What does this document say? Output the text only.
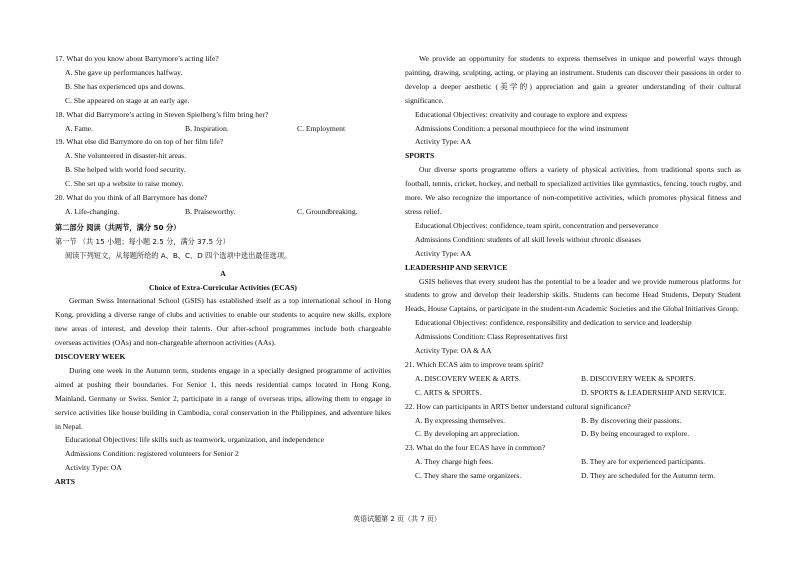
17. What do you know about Barrymore’s acting life?
A. She gave up performances halfway.
B. She has experienced ups and downs.
C. She appeared on stage at an early age.
18. What did Barrymore’s acting in Steven Spielberg’s film bring her?
A. Fame.	B. Inspiration.	C. Employment
19. What else did Barrymore do on top of her film life?
A. She volunteered in disaster-hit areas.
B. She helped with world food security.
C. She set up a website to raise money.
20. What do you think of all Barrymore has done?
A. Life-changing.	B. Praiseworthy.	C. Groundbreaking.
第二部分 阅读（共两节，满分 50 分）
第一节 （共 15 小题；每小题 2.5 分，满分 37.5 分）
阅读下列短文，从每题所给的 A、B、C、D 四个选项中选出最佳选项。
A
Choice of Extra-Curricular Activities (ECAS)
German Swiss International School (GSIS) has established itself as a top international school in Hong Kong, providing a diverse range of clubs and activities to enable our students to acquire new skills, explore new areas of interest, and develop their talents. Our after-school programmes include both chargeable overseas activities (OAs) and non-chargeable afternoon activities (AAs).
DISCOVERY WEEK
During one week in the Autumn term, students engage in a specially designed programme of activities aimed at pushing their boundaries. For Senior 1, this needs residential camps located in Hong Kong, Mainland, Germany or Swiss. Senior 2, participate in a range of overseas trips, allowing them to engage in service activities like house building in Cambodia, coral conservation in the Philippines, and adventure hikes in Nepal.
Educational Objectives: life skills such as teamwork, organization, and independence
Admissions Condition: registered volunteers for Senior 2
Activity Type: OA
ARTS
We provide an opportunity for students to express themselves in unique and powerful ways through painting, drawing, sculpting, acting, or playing an instrument. Students can discover their passions in order to develop a deeper aesthetic (美学的) appreciation and gain a greater understanding of their cultural significance.
Educational Objectives: creativity and courage to explore and express
Admissions Condition: a personal mouthpiece for the wind instrument
Activity Type: AA
SPORTS
Our diverse sports programme offers a variety of physical activities, from traditional sports such as football, tennis, cricket, hockey, and netball to specialized activities like gymnastics, fencing, touch rugby, and more. We also recognize the importance of non-competitive activities, which promotes physical fitness and stress relief.
Educational Objectives: confidence, team spirit, concentration and perseverance
Admissions Condition: students of all skill levels without chronic diseases
Activity Type: AA
LEADERSHIP AND SERVICE
GSIS believes that every student has the potential to be a leader and we provide numerous platforms for students to grow and develop their leadership skills. Students can become Head Students, Deputy Student Heads, House Captains, or participate in the student-run Academic Societies and the Global Initiatives Group.
Educational Objectives: confidence, responsibility and dedication to service and leadership
Admissions Condition: Class Representatives first
Activity Type: OA & AA
21. Which ECAS aim to improve team spirit?
A. DISCOVERY WEEK & ARTS.	B. DISCOVERY WEEK & SPORTS.
C. ARTS & SPORTS.	D. SPORTS & LEADERSHIP AND SERVICE.
22. How can participants in ARTS better understand cultural significance?
A. By expressing themselves.	B. By discovering their passions.
C. By developing art appreciation.	D. By being encouraged to explore.
23. What do the four ECAS have in common?
A. They charge high fees.	B. They are for experienced participants.
C. They share the same organizers.	D. They are scheduled for the Autumn term.
英语试题第 2 页（共 7 页）
